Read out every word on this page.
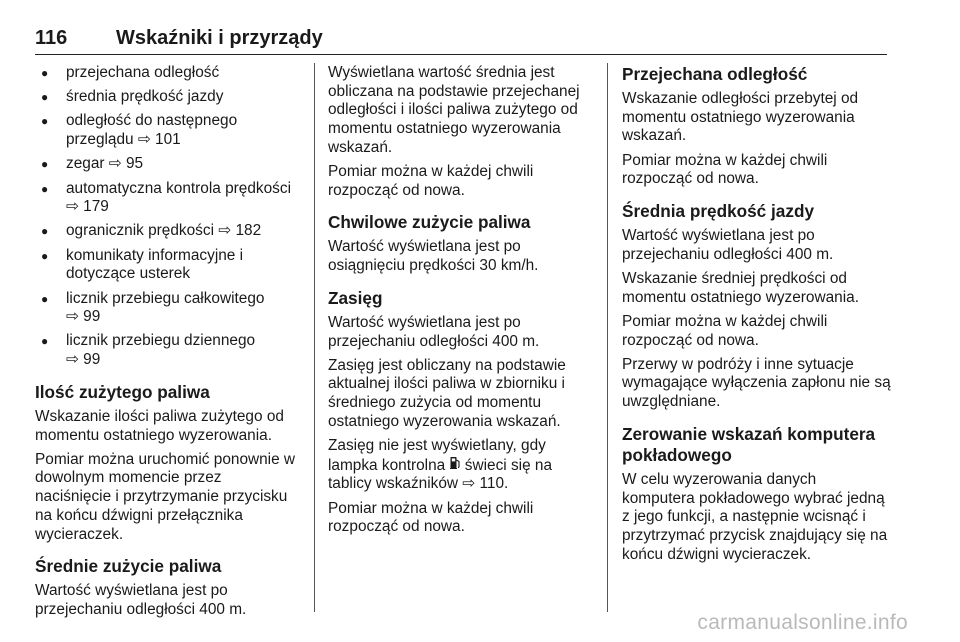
116 Wskaźniki i przyrządy
● przejechana odległość
● średnia prędkość jazdy
● odległość do następnego przeglądu ⇨ 101
● zegar ⇨ 95
● automatyczna kontrola prędkości ⇨ 179
● ogranicznik prędkości ⇨ 182
● komunikaty informacyjne i dotyczące usterek
● licznik przebiegu całkowitego
⇨ 99
● licznik przebiegu dziennego
⇨ 99
Ilość zużytego paliwa

Wskazanie ilości paliwa zużytego od momentu ostatniego wyzerowania.

Pomiar można uruchomić ponownie w dowolnym momencie przez naciśnięcie i przytrzymanie przycisku na końcu dźwigni przełącznika wycieraczek.

Średnie zużycie paliwa

Wartość wyświetlana jest po przejechaniu odległości 400 m.

Wyświetlana wartość średnia jest obliczana na podstawie przejechanej odległości i ilości paliwa zużytego od momentu ostatniego wyzerowania wskazań.

Pomiar można w każdej chwili rozpocząć od nowa.

Chwilowe zużycie paliwa

Wartość wyświetlana jest po osiągnięciu prędkości 30 km/h.

Zasięg

Wartość wyświetlana jest po przejechaniu odległości 400 m.

Zasięg jest obliczany na podstawie aktualnej ilości paliwa w zbiorniku i średniego zużycia od momentu ostatniego wyzerowania wskazań.

Zasięg nie jest wyświetlany, gdy lampka kontrolna świeci się na tablicy wskaźników ⇨ 110.

Pomiar można w każdej chwili rozpocząć od nowa.

Przejechana odległość

Wskazanie odległości przebytej od momentu ostatniego wyzerowania wskazań.

Pomiar można w każdej chwili rozpocząć od nowa.

Średnia prędkość jazdy

Wartość wyświetlana jest po przejechaniu odległości 400 m.

Wskazanie średniej prędkości od momentu ostatniego wyzerowania.

Pomiar można w każdej chwili rozpocząć od nowa.

Przerwy w podróży i inne sytuacje wymagające wyłączenia zapłonu nie są uwzględniane.

Zerowanie wskazań komputera pokładowego

W celu wyzerowania danych komputera pokładowego wybrać jedną z jego funkcji, a następnie wcisnąć i przytrzymać przycisk znajdujący się na końcu dźwigni wycieraczek.

carmanualsonline.info
